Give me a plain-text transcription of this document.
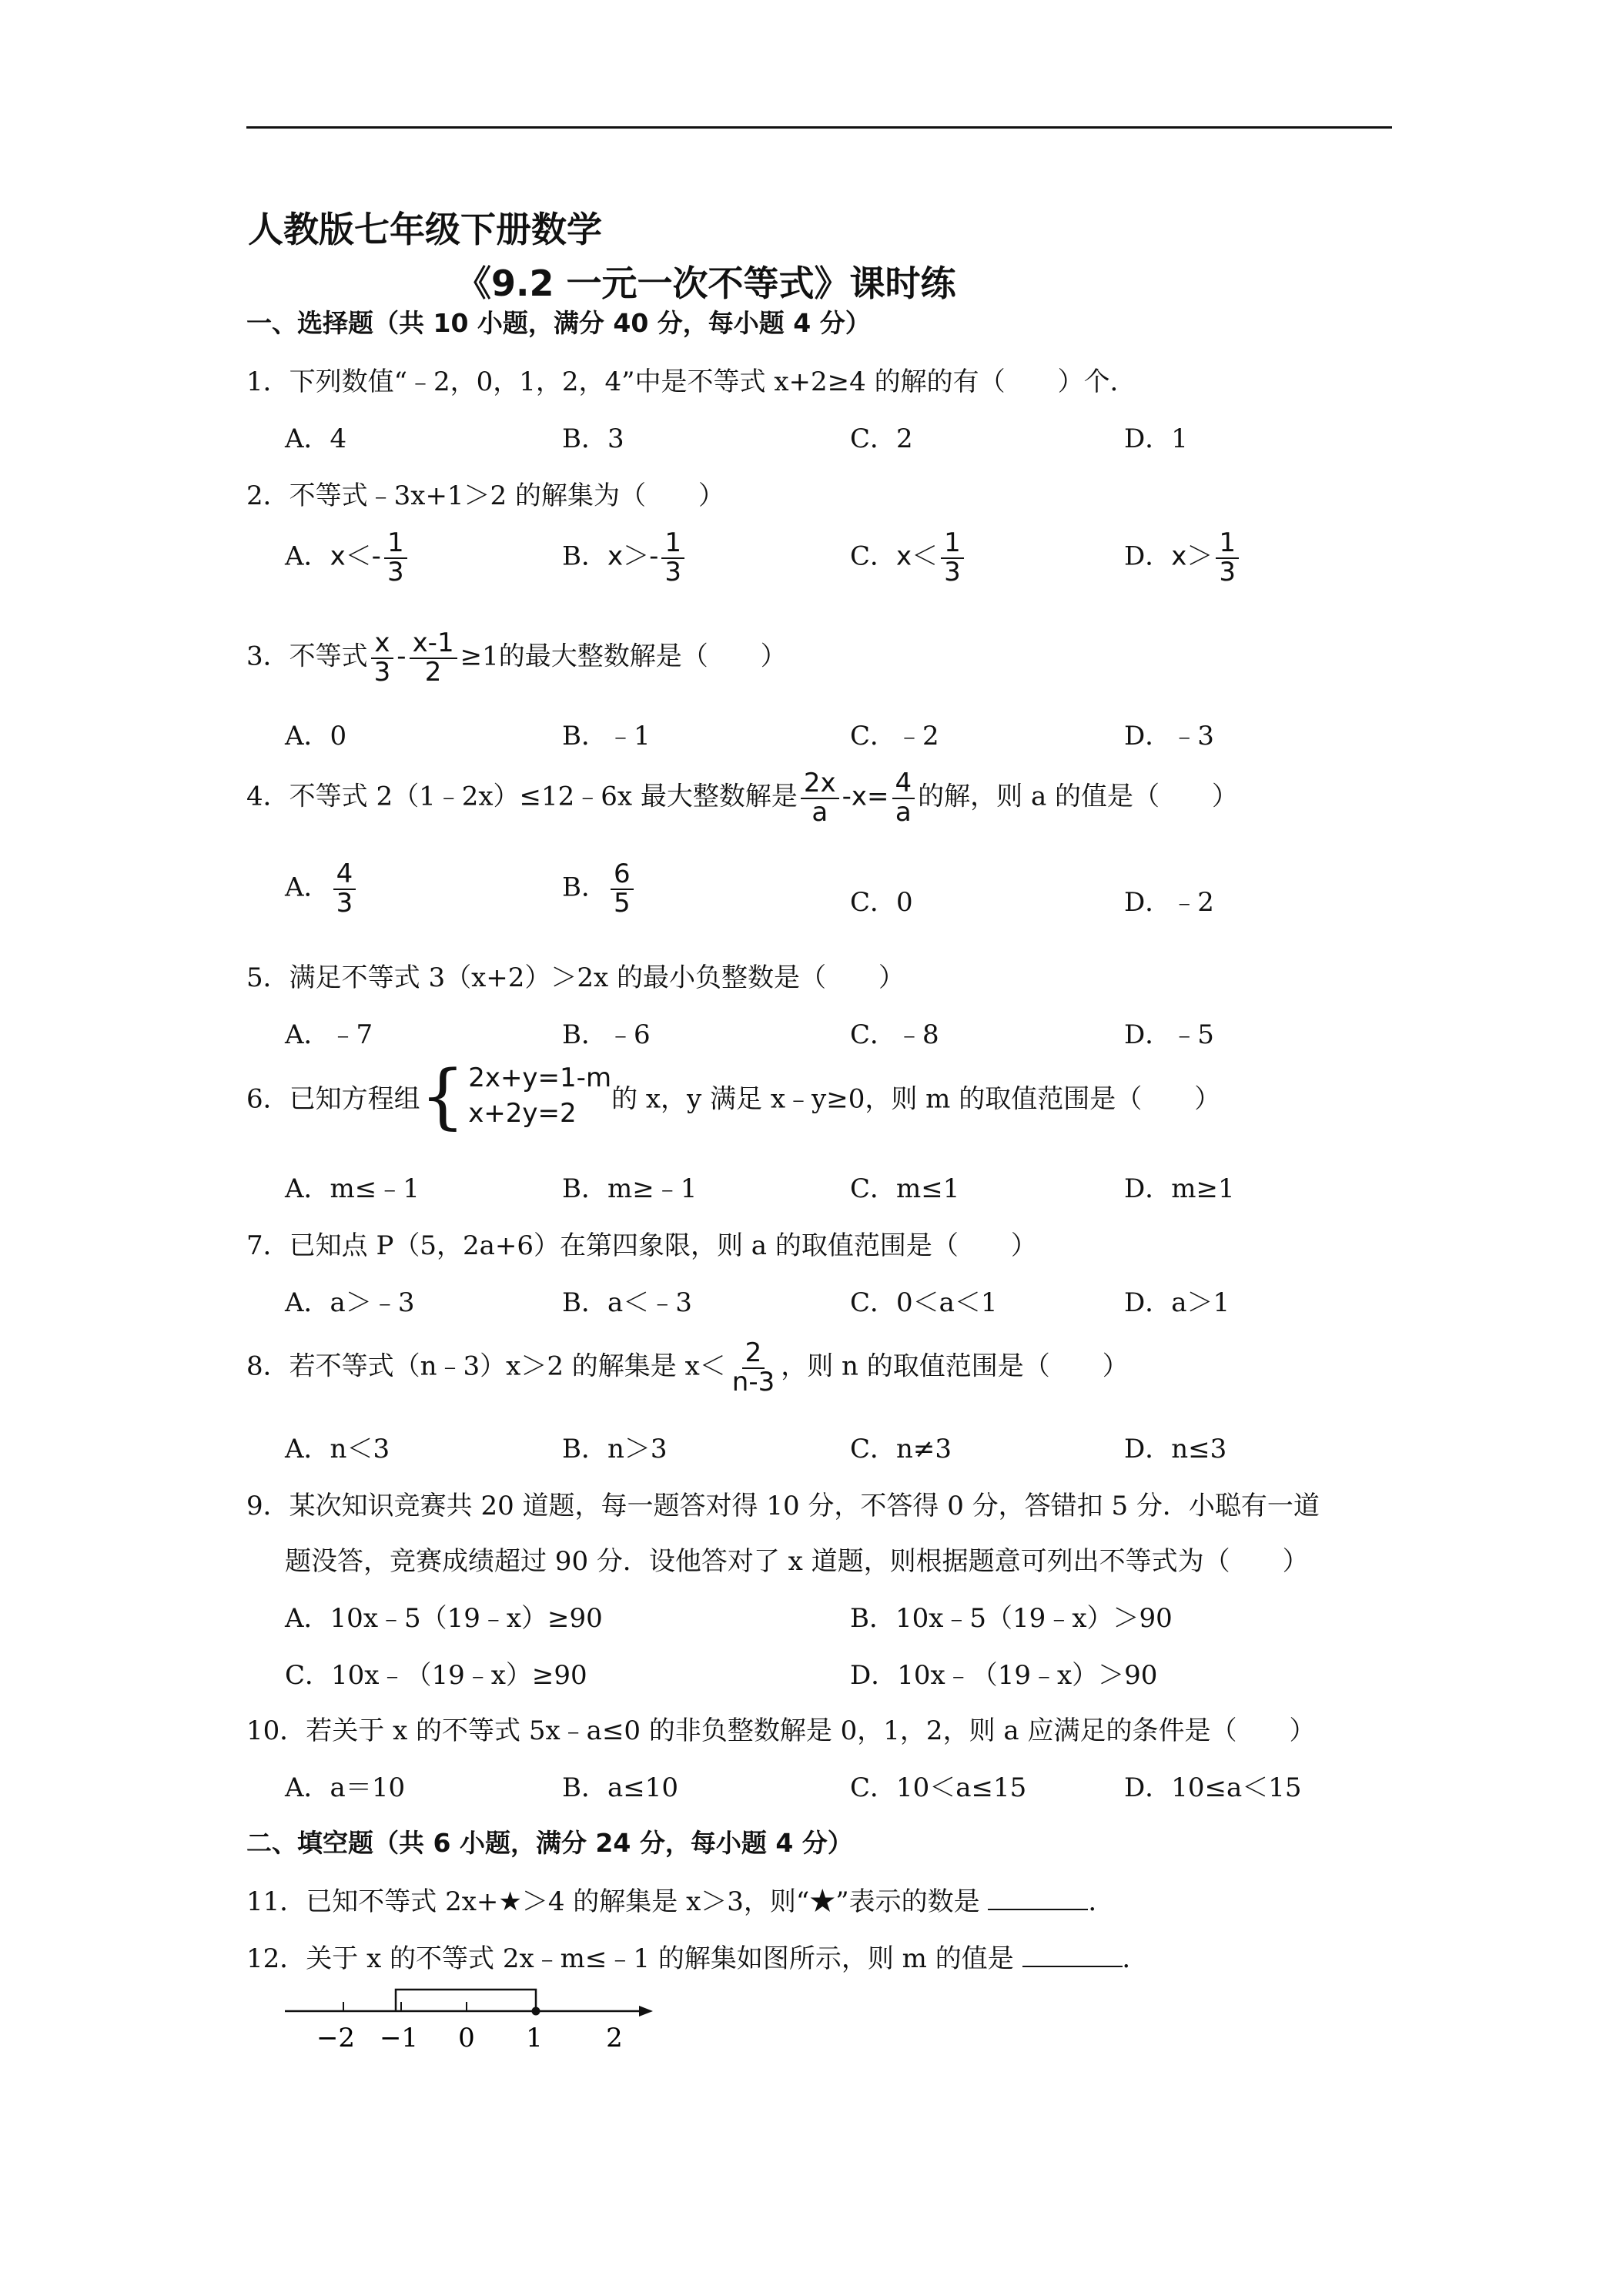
人教版七年级下册数学
《9.2 一元一次不等式》课时练
一、选择题（共 10 小题，满分 40 分，每小题 4 分）
1．下列数值“﹣2，0，1，2，4”中是不等式 x+2≥4 的解的有（　　）个．
A．4	B．3	C．2	D．1
2．不等式﹣3x+1＞2 的解集为（　　）
A．$x<- \frac{1}{3}$	B．$x>- \frac{1}{3}$	C．$x< \frac{1}{3}$	D．$x> \frac{1}{3}$
3．不等式 $\frac{x}{3} - \frac{x-1}{2} \ge 1$的最大整数解是（　　）
A．0	B．﹣1	C．﹣2	D．﹣3
4．不等式 2（1﹣2x）≤12﹣6x 最大整数解是 $\frac{2x}{a} -x= \frac{4}{a}$ 的解，则 a 的值是（　　）
A． $\frac{4}{3}$	B． $\frac{6}{5}$	C．0	D．﹣2
5．满足不等式 3（x+2）＞2x 的最小负整数是（　　）
A．﹣7	B．﹣6	C．﹣8	D．﹣5
6．已知方程组 { 2x+y=1-m
x+2y=2	的 x，y 满足 x﹣y≥0，则 m 的取值范围是（　　）
A．m≤﹣1	B．m≥﹣1	C．m≤1	D．m≥1
7．已知点 P（5，2a+6）在第四象限，则 a 的取值范围是（　　）
A．a＞﹣3	B．a＜﹣3	C．0＜a＜1	D．a＞1
8．若不等式（n﹣3）x＞2 的解集是 $x< \frac{2}{n-3}$ ，则 n 的取值范围是（　　）
A．n＜3	B．n＞3	C．n≠3	D．n≤3
9．某次知识竞赛共 20 道题，每一题答对得 10 分，不答得 0 分，答错扣 5 分．小聪有一道
题没答，竞赛成绩超过 90 分．设他答对了 x 道题，则根据题意可列出不等式为（　　）
A．10x﹣5（19﹣x）≥90	B．10x﹣5（19﹣x）＞90
C．10x﹣（19﹣x）≥90	D．10x﹣（19﹣x）＞90
10．若关于 x 的不等式 5x﹣a≤0 的非负整数解是 0，1，2，则 a 应满足的条件是（　　）
A．a＝10	B．a≤10	C．10＜a≤15	D．10≤a＜15
二、填空题（共 6 小题，满分 24 分，每小题 4 分）
11．已知不等式 2x+★＞4 的解集是 x＞3，则“★”表示的数是	．
12．关于 x 的不等式 2x﹣m≤﹣1 的解集如图所示，则 m 的值是	．
−2 −1 0 1 2
